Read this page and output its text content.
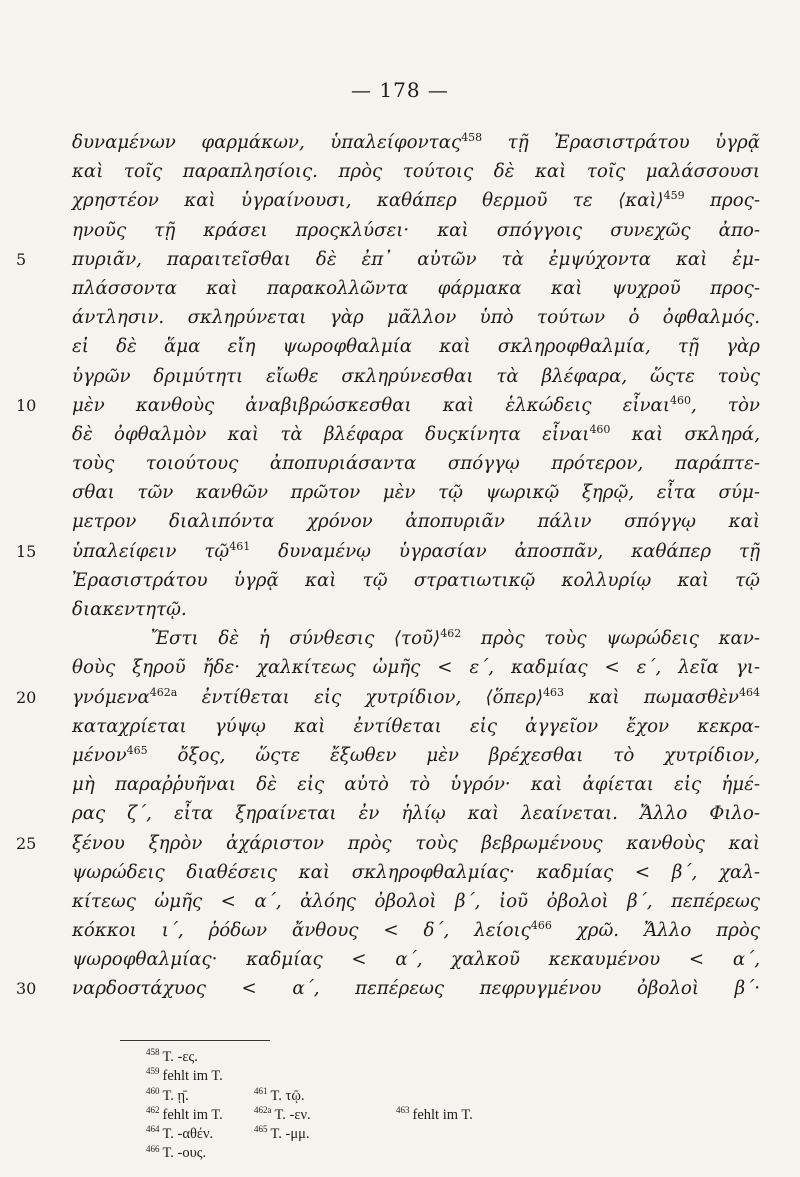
— 178 —
δυναμένων φαρμάκων, ὑπαλείφοντας$^{458}$ τῇ Ἐρασιστράτου ὑγρᾷ
καὶ τοῖς παραπλησίοις. πρὸς τούτοις δὲ καὶ τοῖς μαλάσσουσι
χρηστέον καὶ ὑγραίνουσι, καθάπερ θερμοῦ τε ⟨καὶ⟩$^{459}$ προς-
ηνοῦς τῇ κράσει προςκλύσει· καὶ σπόγγοις συνεχῶς ἀπο-
5	πυριᾶν, παραιτεῖσθαι δὲ ἐπ᾽ αὐτῶν τὰ ἐμψύχοντα καὶ ἐμ-
πλάσσοντα καὶ παρακολλῶντα φάρμακα καὶ ψυχροῦ προς-
άντλησιν. σκληρύνεται γὰρ μᾶλλον ὑπὸ τούτων ὁ ὀφθαλμός.
εἰ δὲ ἅμα εἴη ψωροφθαλμία καὶ σκληροφθαλμία, τῇ γὰρ
ὑγρῶν δριμύτητι εἴωθε σκληρύνεσθαι τὰ βλέφαρα, ὥςτε τοὺς
10	μὲν κανθοὺς ἀναβιβρώσκεσθαι καὶ ἑλκώδεις εἶναι$^{460}$, τὸν
δὲ ὀφθαλμὸν καὶ τὰ βλέφαρα δυςκίνητα εἶναι$^{460}$ καὶ σκληρά,
τοὺς τοιούτους ἀποπυριάσαντα σπόγγῳ πρότερον, παράπτε-
σθαι τῶν κανθῶν πρῶτον μὲν τῷ ψωρικῷ ξηρῷ, εἶτα σύμ-
μετρον διαλιπόντα χρόνον ἀποπυριᾶν πάλιν σπόγγῳ καὶ
15	ὑπαλείφειν τῷ$^{461}$ δυναμένῳ ὑγρασίαν ἀποσπᾶν, καθάπερ τῇ
Ἐρασιστράτου ὑγρᾷ καὶ τῷ στρατιωτικῷ κολλυρίῳ καὶ τῷ
διακεντητῷ.
Ἔστι δὲ ἡ σύνθεσις ⟨τοῦ⟩$^{462}$ πρὸς τοὺς ψωρώδεις καν-
θοὺς ξηροῦ ἤδε· χαλκίτεως ὠμῆς < ε΄, καδμίας < ε΄, λεῖα γι-
20	γνόμενα$^{462a}$ ἐντίθεται εἰς χυτρίδιον, ⟨ὅπερ⟩$^{463}$ καὶ πωμασθὲν$^{464}$
καταχρίεται γύψῳ καὶ ἐντίθεται εἰς ἀγγεῖον ἔχον κεκρα-
μένον$^{465}$ ὄξος, ὥςτε ἔξωθεν μὲν βρέχεσθαι τὸ χυτρίδιον,
μὴ παραῤῥυῆναι δὲ εἰς αὐτὸ τὸ ὑγρόν· καὶ ἀφίεται εἰς ἡμέ-
ρας ζ΄, εἶτα ξηραίνεται ἐν ἡλίῳ καὶ λεαίνεται. Ἄλλο Φιλο-
25	ξένου ξηρὸν ἀχάριστον πρὸς τοὺς βεβρωμένους κανθοὺς καὶ
ψωρώδεις διαθέσεις καὶ σκληροφθαλμίας· καδμίας < β΄, χαλ-
κίτεως ὠμῆς < α΄, ἀλόης ὀβολοὶ β΄, ἰοῦ ὀβολοὶ β΄, πεπέρεως
κόκκοι ι΄, ῥόδων ἄνθους < δ΄, λείοις$^{466}$ χρῶ. Ἄλλο πρὸς
ψωροφθαλμίας· καδμίας < α΄, χαλκοῦ κεκαυμένου < α΄,
30	ναρδοστάχυος < α΄, πεπέρεως πεφρυγμένου ὀβολοὶ β΄·
$^{458}$ T. -ες.
$^{459}$ fehlt im T.
$^{460}$ T. ῃ̄.	$^{461}$ T. τῷ.
$^{462}$ fehlt im T.	$^{462a}$ T. -εν.	$^{463}$ fehlt im T.
$^{464}$ T. -αθέν.	$^{465}$ T. -μμ.
$^{466}$ T. -ους.
